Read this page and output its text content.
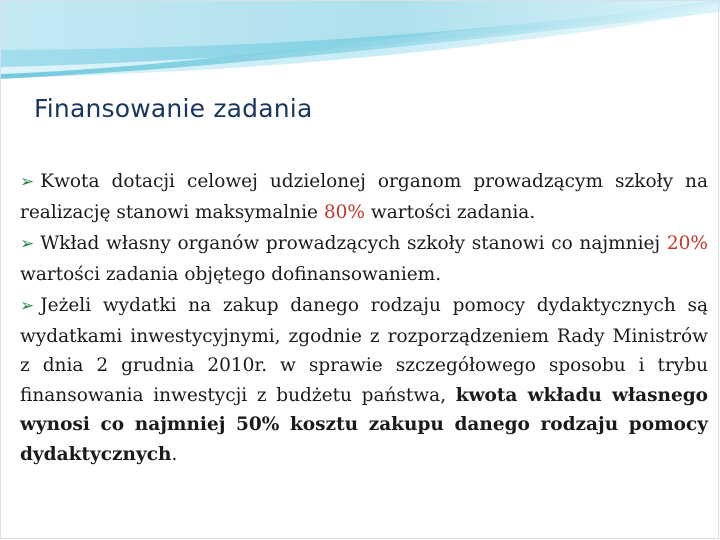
Finansowanie zadania

➢ Kwota dotacji celowej udzielonej organom prowadzącym szkoły na realizację stanowi maksymalnie 80% wartości zadania.

➢ Wkład własny organów prowadzących szkoły stanowi co najmniej 20% wartości zadania objętego dofinansowaniem.

➢ Jeżeli wydatki na zakup danego rodzaju pomocy dydaktycznych są wydatkami inwestycyjnymi, zgodnie z rozporządzeniem Rady Ministrów z dnia 2 grudnia 2010r. w sprawie szczegółowego sposobu i trybu finansowania inwestycji z budżetu państwa, kwota wkładu własnego wynosi co najmniej 50% kosztu zakupu danego rodzaju pomocy dydaktycznych.
